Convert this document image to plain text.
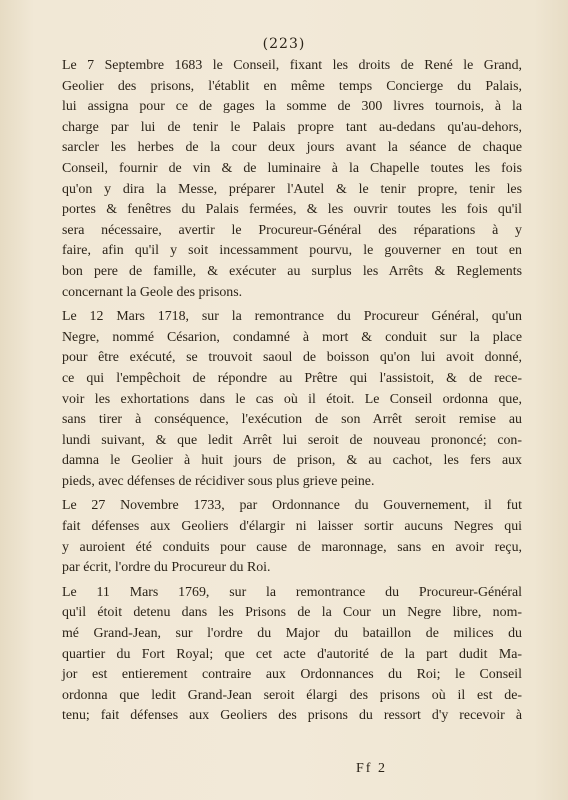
(223)
Le 7 Septembre 1683 le Conseil, fixant les droits de René le Grand,
Geolier des prisons, l'établit en même temps Concierge du Palais,
lui assigna pour ce de gages la somme de 300 livres tournois, à la
charge par lui de tenir le Palais propre tant au-dedans qu'au-dehors,
sarcler les herbes de la cour deux jours avant la séance de chaque
Conseil, fournir de vin & de luminaire à la Chapelle toutes les fois
qu'on y dira la Messe, préparer l'Autel & le tenir propre, tenir les
portes & fenêtres du Palais fermées, & les ouvrir toutes les fois qu'il
sera nécessaire, avertir le Procureur-Général des réparations à y
faire, afin qu'il y soit incessamment pourvu, le gouverner en tout en
bon pere de famille, & exécuter au surplus les Arrêts & Reglements
concernant la Geole des prisons.
Le 12 Mars 1718, sur la remontrance du Procureur Général, qu'un
Negre, nommé Césarion, condamné à mort & conduit sur la place
pour être exécuté, se trouvoit saoul de boisson qu'on lui avoit donné,
ce qui l'empêchoit de répondre au Prêtre qui l'assistoit, & de rece-
voir les exhortations dans le cas où il étoit. Le Conseil ordonna que,
sans tirer à conséquence, l'exécution de son Arrêt seroit remise au
lundi suivant, & que ledit Arrêt lui seroit de nouveau prononcé; con-
damna le Geolier à huit jours de prison, & au cachot, les fers aux
pieds, avec défenses de récidiver sous plus grieve peine.
Le 27 Novembre 1733, par Ordonnance du Gouvernement, il fut
fait défenses aux Geoliers d'élargir ni laisser sortir aucuns Negres qui
y auroient été conduits pour cause de maronnage, sans en avoir reçu,
par écrit, l'ordre du Procureur du Roi.
Le 11 Mars 1769, sur la remontrance du Procureur-Général
qu'il étoit detenu dans les Prisons de la Cour un Negre libre, nom-
mé Grand-Jean, sur l'ordre du Major du bataillon de milices du
quartier du Fort Royal; que cet acte d'autorité de la part dudit Ma-
jor est entierement contraire aux Ordonnances du Roi; le Conseil
ordonna que ledit Grand-Jean seroit élargi des prisons où il est de-
tenu; fait défenses aux Geoliers des prisons du ressort d'y recevoir à
Ff 2
